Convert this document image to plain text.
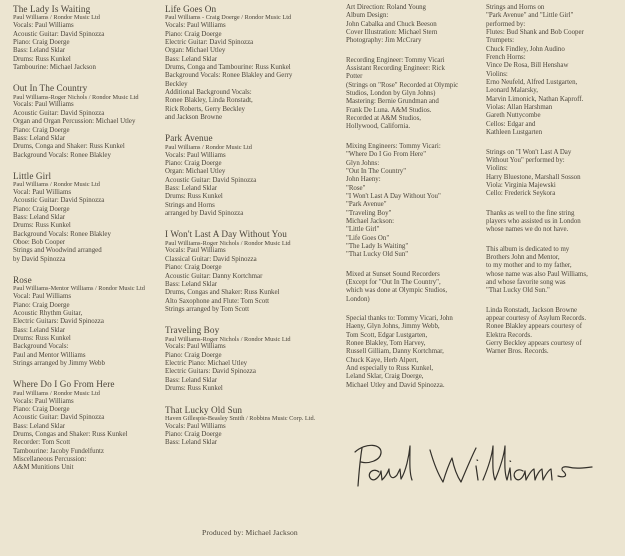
The Lady Is Waiting
Paul Williams / Rondor Music Ltd
Vocals: Paul Williams
Acoustic Guitar: David Spinozza
Piano: Craig Doerge
Bass: Leland Sklar
Drums: Russ Kunkel
Tambourine: Michael Jackson
Out In The Country
Paul Williams-Roger Nichols / Rondor Music Ltd
Vocals: Paul Williams
Acoustic Guitar: David Spinozza
Organ and Organ Percussion: Michael Utley
Piano: Craig Doerge
Bass: Leland Sklar
Drums, Conga and Shaker: Russ Kunkel
Background Vocals: Ronee Blakley
Little Girl
Paul Williams / Rondor Music Ltd
Vocal: Paul Williams
Acoustic Guitar: David Spinozza
Piano: Craig Doerge
Bass: Leland Sklar
Drums: Russ Kunkel
Background Vocals: Ronee Blakley
Oboe: Bob Cooper
Strings and Woodwind arranged
by David Spinozza
Rose
Paul Williams-Mentor Williams / Rondor Music Ltd
Vocal: Paul Williams
Piano: Craig Doerge
Acoustic Rhythm Guitar,
Electric Guitars: David Spinozza
Bass: Leland Sklar
Drums: Russ Kunkel
Background Vocals:
Paul and Mentor Williams
Strings arranged by Jimmy Webb
Where Do I Go From Here
Paul Williams / Rondor Music Ltd
Vocals: Paul Williams
Piano: Craig Doerge
Acoustic Guitar: David Spinozza
Bass: Leland Sklar
Drums, Congas and Shaker: Russ Kunkel
Recorder: Tom Scott
Tambourine: Jacoby Fundelfuntz
Miscellaneous Percussion:
A&M Munitions Unit
Life Goes On
Paul Williams - Craig Doerge / Rondor Music Ltd
Vocals: Paul Williams
Piano: Craig Doerge
Electric Guitar: David Spinozza
Organ: Michael Utley
Bass: Leland Sklar
Drums, Conga and Tambourine: Russ Kunkel
Background Vocals: Ronee Blakley and Gerry
Beckley
Additional Background Vocals:
Ronee Blakley, Linda Ronstadt,
Rick Roberts, Gerry Beckley
and Jackson Browne
Park Avenue
Paul Williams / Rondor Music Ltd
Vocals: Paul Williams
Piano: Craig Doerge
Organ: Michael Utley
Acoustic Guitar: David Spinozza
Bass: Leland Sklar
Drums: Russ Kunkel
Strings and Horns
arranged by David Spinozza
I Won't Last A Day Without You
Paul Williams-Roger Nichols / Rondor Music Ltd
Vocals: Paul Williams
Classical Guitar: David Spinozza
Piano: Craig Doerge
Acoustic Guitar: Danny Kortchmar
Bass: Leland Sklar
Drums, Congas and Shaker: Russ Kunkel
Alto Saxophone and Flute: Tom Scott
Strings arranged by Tom Scott
Traveling Boy
Paul Williams-Roger Nichols / Rondor Music Ltd
Vocals: Paul Williams
Piano: Craig Doerge
Electric Piano: Michael Utley
Electric Guitars: David Spinozza
Bass: Leland Sklar
Drums: Russ Kunkel
That Lucky Old Sun
Haven Gillespie-Beasley Smith / Robbins Music Corp. Ltd.
Vocals: Paul Williams
Piano: Craig Doerge
Bass: Leland Sklar
Art Direction: Roland Young
Album Design:
John Cabalka and Chuck Beeson
Cover Illustration: Michael Stern
Photography: Jim McCrary
Recording Engineer: Tommy Vicari
Assistant Recording Engineer: Rick
Potter
(Strings on "Rose" Recorded at Olympic
Studios, London by Glyn Johns)
Mastering: Bernie Grundman and
Frank De Luna. A&M Studios.
Recorded at A&M Studios,
Hollywood, California.
Mixing Engineers: Tommy Vicari:
"Where Do I Go From Here"
Glyn Johns:
"Out In The Country"
John Haeny:
"Rose"
"I Won't Last A Day Without You"
"Park Avenue"
"Traveling Boy"
Michael Jackson:
"Little Girl"
"Life Goes On"
"The Lady Is Waiting"
"That Lucky Old Sun"
Mixed at Sunset Sound Recorders
(Except for "Out In The Country",
which was done at Olympic Studios,
London)
Special thanks to: Tommy Vicari, John
Haeny, Glyn Johns, Jimmy Webb,
Tom Scott, Edgar Lustgarten,
Ronee Blakley, Tom Harvey,
Russell Gilliam, Danny Kortchmar,
Chuck Kaye, Herb Alpert,
And especially to Russ Kunkel,
Leland Sklar, Craig Doerge,
Michael Utley and David Spinozza.
Strings and Horns on
"Park Avenue" and "Little Girl"
performed by:
Flutes: Bud Shank and Bob Cooper
Trumpets:
Chuck Findley, John Audino
French Horns:
Vince De Rosa, Bill Henshaw
Violins:
Erno Neufeld, Alfred Lustgarten,
Leonard Malarsky,
Marvin Limonick, Nathan Kaproff.
Violas: Allan Harshman
Gareth Nuttycombe
Cellos: Edgar and
Kathleen Lustgarten
Strings on "I Won't Last A Day
Without You" performed by:
Violins:
Harry Bluestone, Marshall Sosson
Viola: Virginia Majewski
Cello: Frederick Seykora
Thanks as well to the fine string
players who assisted us in London
whose names we do not have.
This album is dedicated to my
Brothers John and Mentor,
to my mother and to my father,
whose name was also Paul Williams,
and whose favorite song was
"That Lucky Old Sun."
Linda Ronstadt, Jackson Browne
appear courtesy of Asylum Records.
Ronee Blakley appears courtesy of
Elektra Records.
Gerry Beckley appears courtesy of
Warner Bros. Records.
Produced by: Michael Jackson
